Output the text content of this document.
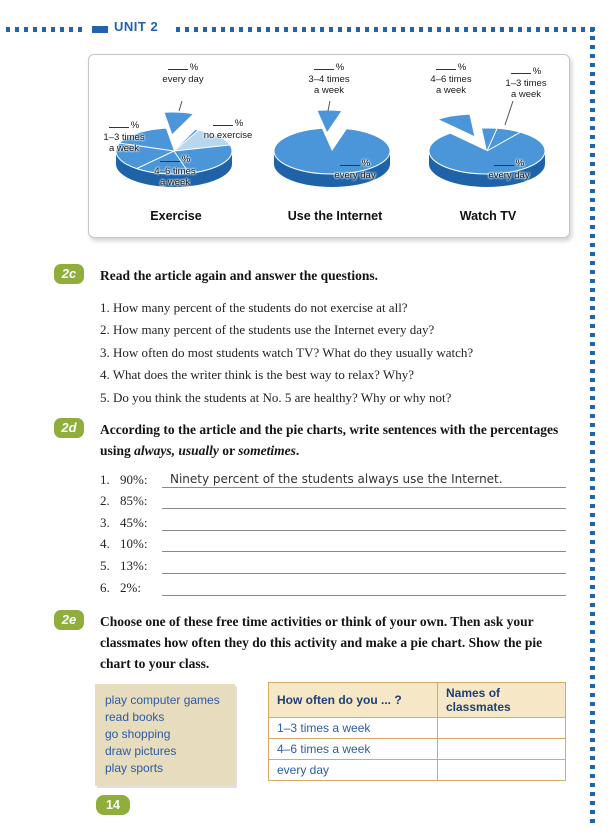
UNIT 2
%
every day
%
1–3 times
a week
%
no exercise
%
4–6 times
a week
Exercise
%
3–4 times
a week
%
every day
Use the Internet
%
4–6 times
a week
%
1–3 times
a week
%
every day
Watch TV
2c	Read the article again and answer the questions.
1. How many percent of the students do not exercise at all?
2. How many percent of the students use the Internet every day?
3. How often do most students watch TV? What do they usually watch?
4. What does the writer think is the best way to relax? Why?
5. Do you think the students at No. 5 are healthy? Why or why not?
2d	According to the article and the pie charts, write sentences with the percentages using always, usually or sometimes.
1. 90%:	Ninety percent of the students always use the Internet.
2. 85%:
3. 45%:
4. 10%:
5. 13%:
6. 2%:
2e	Choose one of these free time activities or think of your own. Then ask your classmates how often they do this activity and make a pie chart. Show the pie chart to your class.
play computer games
read books
go shopping
draw pictures
play sports
How often do you ... ?	Names of classmates
1–3 times a week	
4–6 times a week	
every day	
14
